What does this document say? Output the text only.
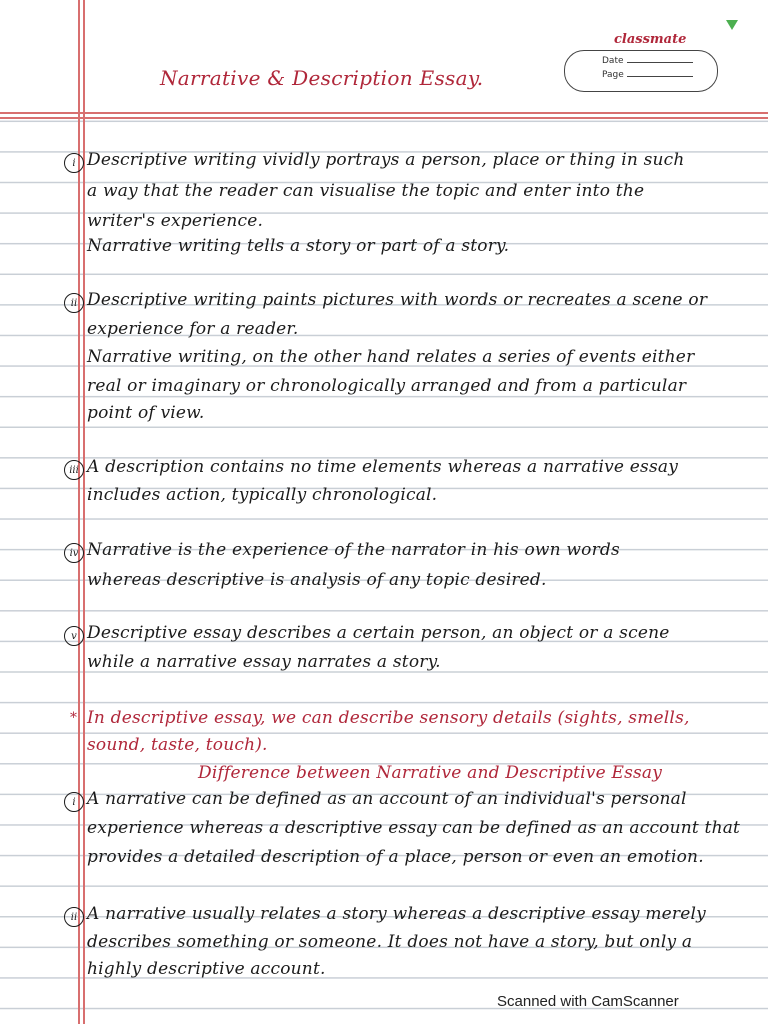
classmate
Date
Page
Narrative & Description Essay.
i Descriptive writing vividly portrays a person, place or thing in such
a way that the reader can visualise the topic and enter into the
writer's experience.
Narrative writing tells a story or part of a story.
ii Descriptive writing paints pictures with words or recreates a scene or
experience for a reader.
Narrative writing, on the other hand relates a series of events either
real or imaginary or chronologically arranged and from a particular
point of view.
iii A description contains no time elements whereas a narrative essay
includes action, typically chronological.
iv Narrative is the experience of the narrator in his own words
whereas descriptive is analysis of any topic desired.
v Descriptive essay describes a certain person, an object or a scene
while a narrative essay narrates a story.
* In descriptive essay, we can describe sensory details (sights, smells,
sound, taste, touch).
Difference between Narrative and Descriptive Essay
i A narrative can be defined as an account of an individual's personal
experience whereas a descriptive essay can be defined as an account that
provides a detailed description of a place, person or even an emotion.
ii A narrative usually relates a story whereas a descriptive essay merely
describes something or someone. It does not have a story, but only a
highly descriptive account.
Scanned with CamScanner
